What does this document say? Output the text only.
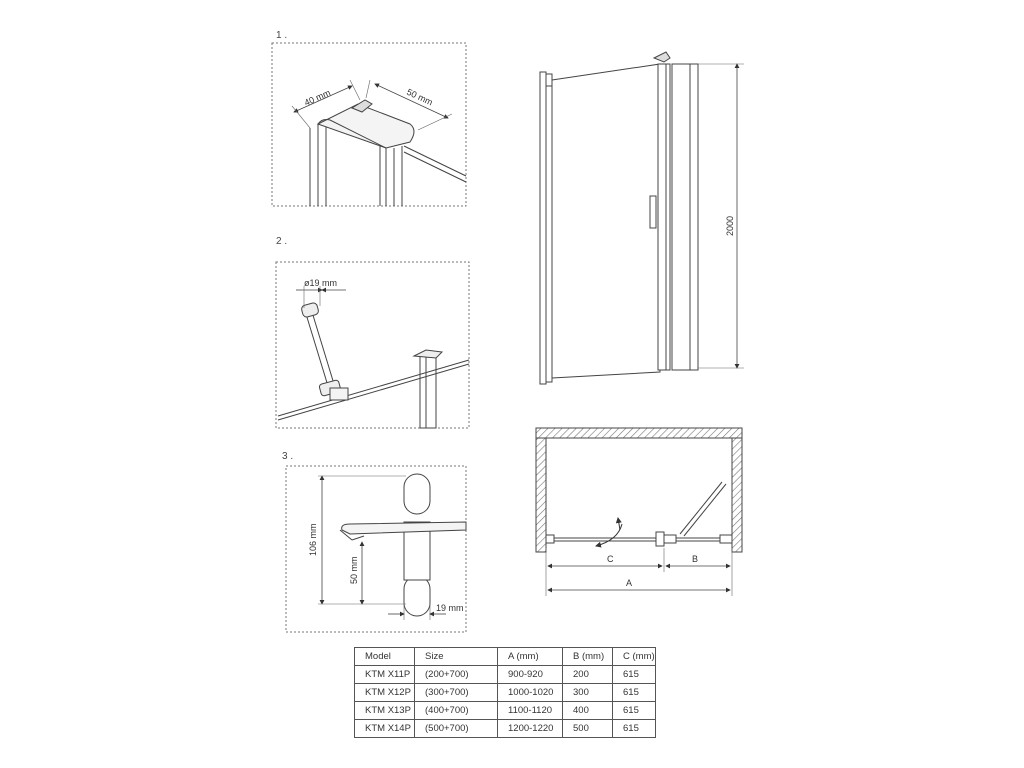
1 .
2 .
3 .
40 mm	50 mm
ø19 mm
106 mm
50 mm
19 mm
2000
C	B
A
Model	Size	A (mm)	B (mm)	C (mm)
KTM X11P	(200+700)	900-920	200	615
KTM X12P	(300+700)	1000-1020	300	615
KTM X13P	(400+700)	1100-1120	400	615
KTM X14P	(500+700)	1200-1220	500	615
